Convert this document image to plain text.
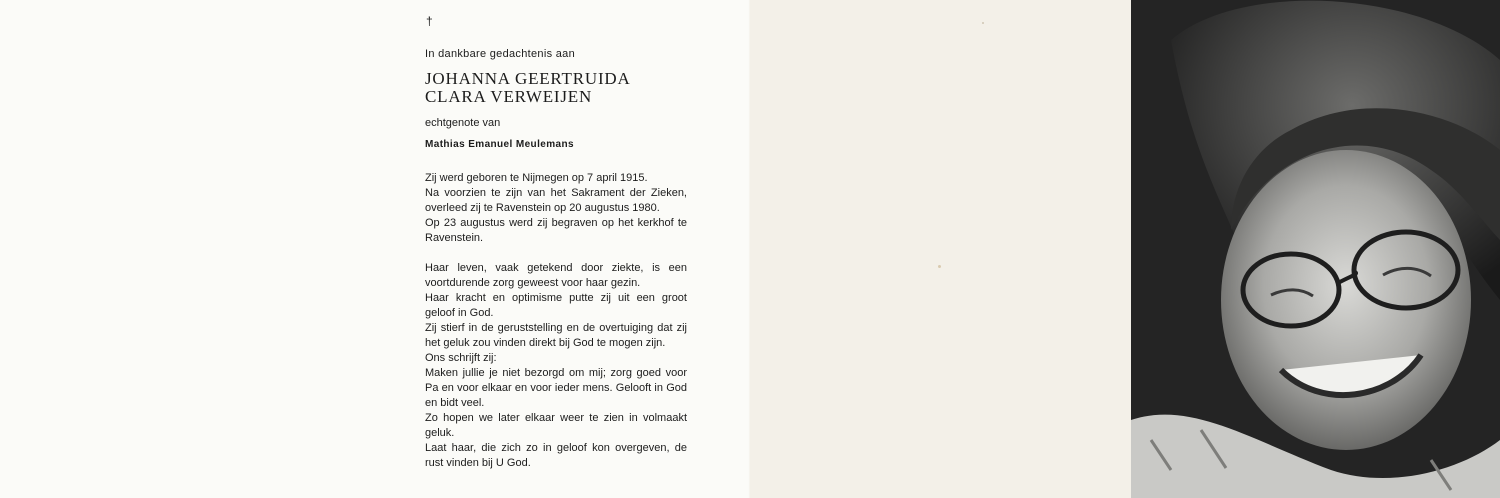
†
In dankbare gedachtenis aan
JOHANNA GEERTRUIDA
CLARA VERWEIJEN
echtgenote van
Mathias Emanuel Meulemans

Zij werd geboren te Nijmegen op 7 april 1915.

Na voorzien te zijn van het Sakrament der Zieken, overleed zij te Ravenstein op 20 augustus 1980.

Op 23 augustus werd zij begraven op het kerkhof te Ravenstein.

Haar leven, vaak getekend door ziekte, is een voortdurende zorg geweest voor haar gezin.

Haar kracht en optimisme putte zij uit een groot geloof in God.

Zij stierf in de geruststelling en de overtuiging dat zij het geluk zou vinden direkt bij God te mogen zijn.

Ons schrijft zij:

Maken jullie je niet bezorgd om mij; zorg goed voor Pa en voor elkaar en voor ieder mens. Gelooft in God en bidt veel.

Zo hopen we later elkaar weer te zien in volmaakt geluk.

Laat haar, die zich zo in geloof kon overgeven, de rust vinden bij U God.
